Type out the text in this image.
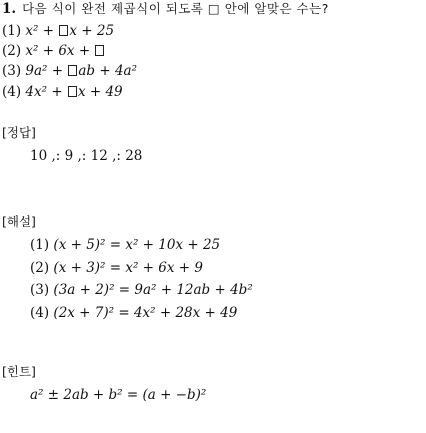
1. 다음 식이 완전 제곱식이 되도록 □ 안에 알맞은 수는?
(1) x² + x + 25
(2) x² + 6x +
(3) 9a² + ab + 4a²
(4) 4x² + x + 49
[정답]
10 ,: 9 ,: 12 ,: 28
[해설]
(1) (x + 5)² = x² + 10x + 25
(2) (x + 3)² = x² + 6x + 9
(3) (3a + 2)² = 9a² + 12ab + 4b²
(4) (2x + 7)² = 4x² + 28x + 49
[힌트]
a² ± 2ab + b² = (a + −b)²
